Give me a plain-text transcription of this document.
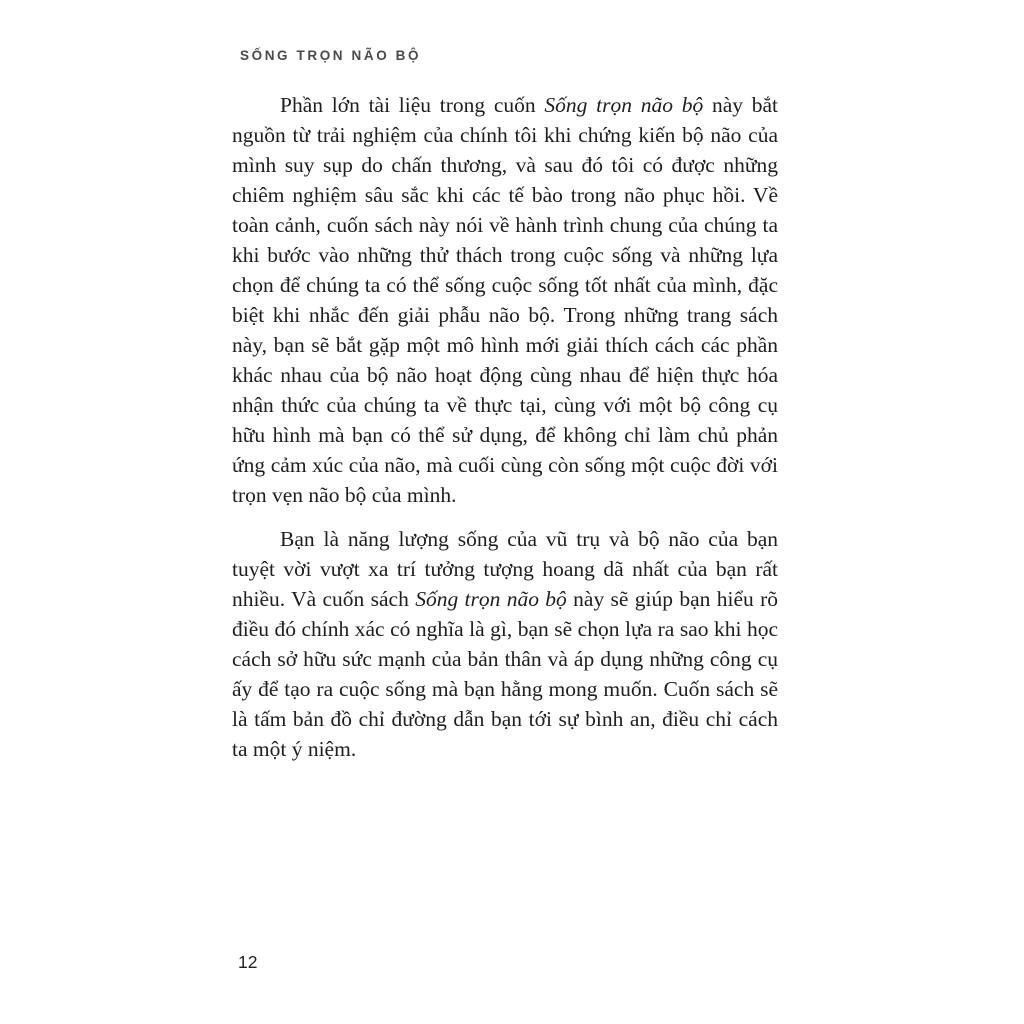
SỐNG TRỌN NÃO BỘ

Phần lớn tài liệu trong cuốn Sống trọn não bộ này bắt nguồn từ trải nghiệm của chính tôi khi chứng kiến bộ não của mình suy sụp do chấn thương, và sau đó tôi có được những chiêm nghiệm sâu sắc khi các tế bào trong não phục hồi. Về toàn cảnh, cuốn sách này nói về hành trình chung của chúng ta khi bước vào những thử thách trong cuộc sống và những lựa chọn để chúng ta có thể sống cuộc sống tốt nhất của mình, đặc biệt khi nhắc đến giải phẫu não bộ. Trong những trang sách này, bạn sẽ bắt gặp một mô hình mới giải thích cách các phần khác nhau của bộ não hoạt động cùng nhau để hiện thực hóa nhận thức của chúng ta về thực tại, cùng với một bộ công cụ hữu hình mà bạn có thể sử dụng, để không chỉ làm chủ phản ứng cảm xúc của não, mà cuối cùng còn sống một cuộc đời với trọn vẹn não bộ của mình.

Bạn là năng lượng sống của vũ trụ và bộ não của bạn tuyệt vời vượt xa trí tưởng tượng hoang dã nhất của bạn rất nhiều. Và cuốn sách Sống trọn não bộ này sẽ giúp bạn hiểu rõ điều đó chính xác có nghĩa là gì, bạn sẽ chọn lựa ra sao khi học cách sở hữu sức mạnh của bản thân và áp dụng những công cụ ấy để tạo ra cuộc sống mà bạn hằng mong muốn. Cuốn sách sẽ là tấm bản đồ chỉ đường dẫn bạn tới sự bình an, điều chỉ cách ta một ý niệm.

12
